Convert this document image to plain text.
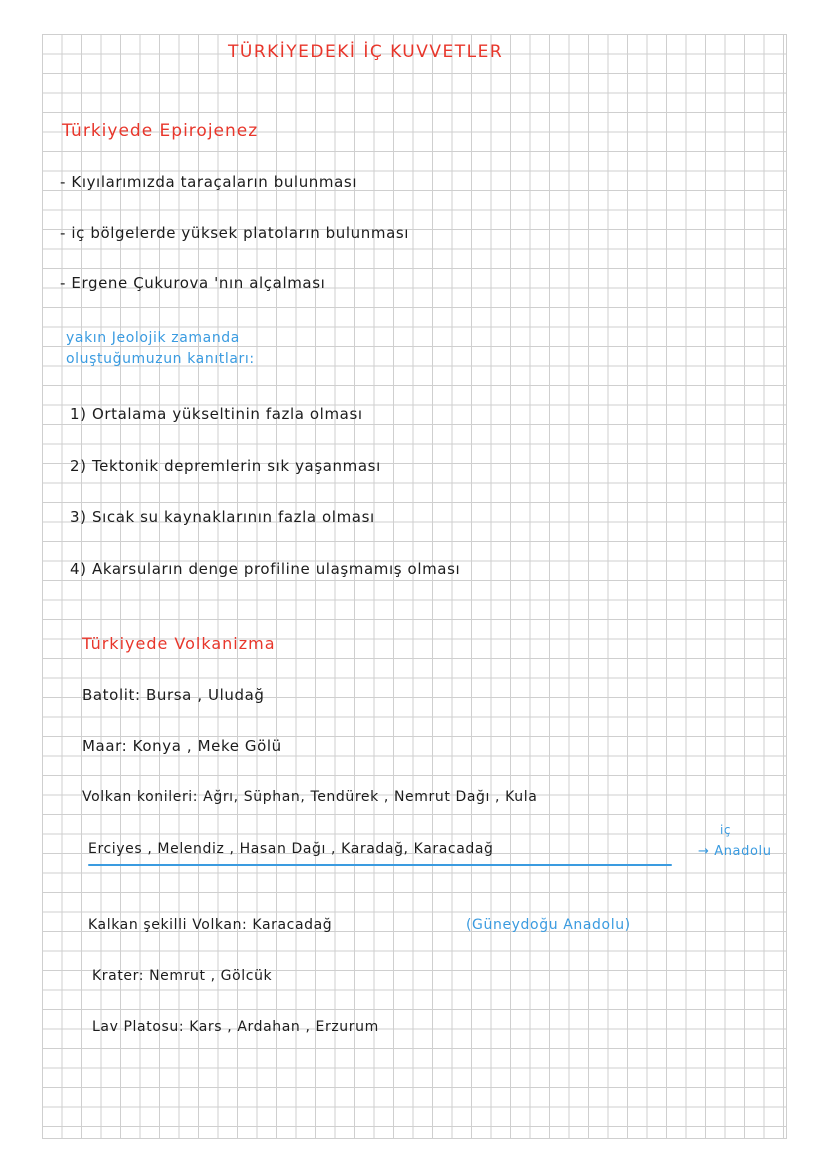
TÜRKİYEDEKİ İÇ KUVVETLER
Türkiyede Epirojenez
- Kıyılarımızda taraçaların bulunması
- iç bölgelerde yüksek platoların bulunması
- Ergene Çukurova 'nın alçalması
yakın Jeolojik zamanda
oluştuğumuzun kanıtları:
1) Ortalama yükseltinin fazla olması
2) Tektonik depremlerin sık yaşanması
3) Sıcak su kaynaklarının fazla olması
4) Akarsuların denge profiline ulaşmamış olması
Türkiyede Volkanizma
Batolit: Bursa , Uludağ
Maar: Konya , Meke Gölü
Volkan konileri: Ağrı, Süphan, Tendürek , Nemrut Dağı , Kula
iç
Erciyes , Melendiz , Hasan Dağı , Karadağ, Karacadağ	→ Anadolu
Kalkan şekilli Volkan: Karacadağ	(Güneydoğu Anadolu)
Krater: Nemrut , Gölcük
Lav Platosu: Kars , Ardahan , Erzurum
